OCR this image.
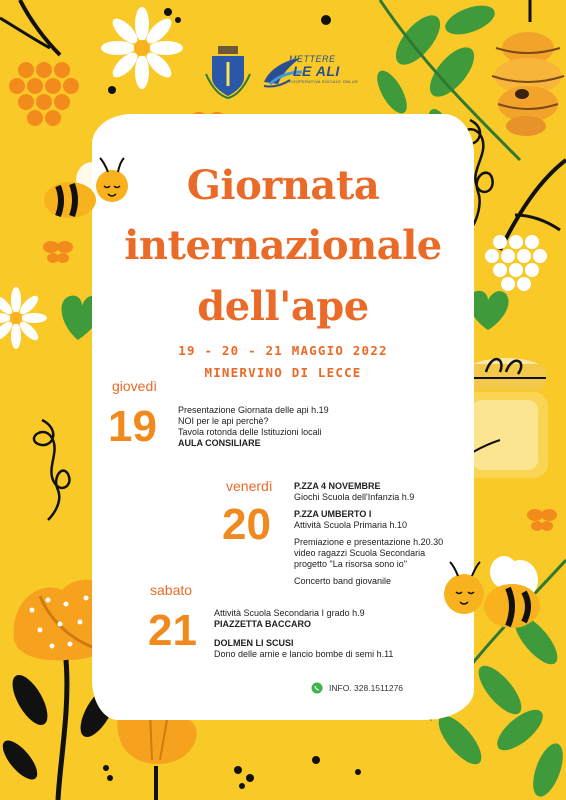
METTERE
LE ALI
COOPERATIVA SOCIALE ONLUS
Giornata
internazionale
dell'ape
19 - 20 - 21 MAGGIO 2022
MINERVINO DI LECCE
giovedì
19 Presentazione Giornata delle api h.19
NOI per le api perchè?
Tavola rotonda delle Istituzioni locali
AULA CONSILIARE
venerdì
20
P.ZZA 4 NOVEMBRE
Giochi Scuola dell'Infanzia h.9
P.ZZA UMBERTO I
Attività Scuola Primaria h.10
Premiazione e presentazione h.20.30
video ragazzi Scuola Secondaria
progetto "La risorsa sono io"
Concerto band giovanile
sabato
21 Attività Scuola Secondaria I grado h.9
PIAZZETTA BACCARO
DOLMEN LI SCUSI
Dono delle arnie e lancio bombe di semi h.11
INFO. 328.1511276
